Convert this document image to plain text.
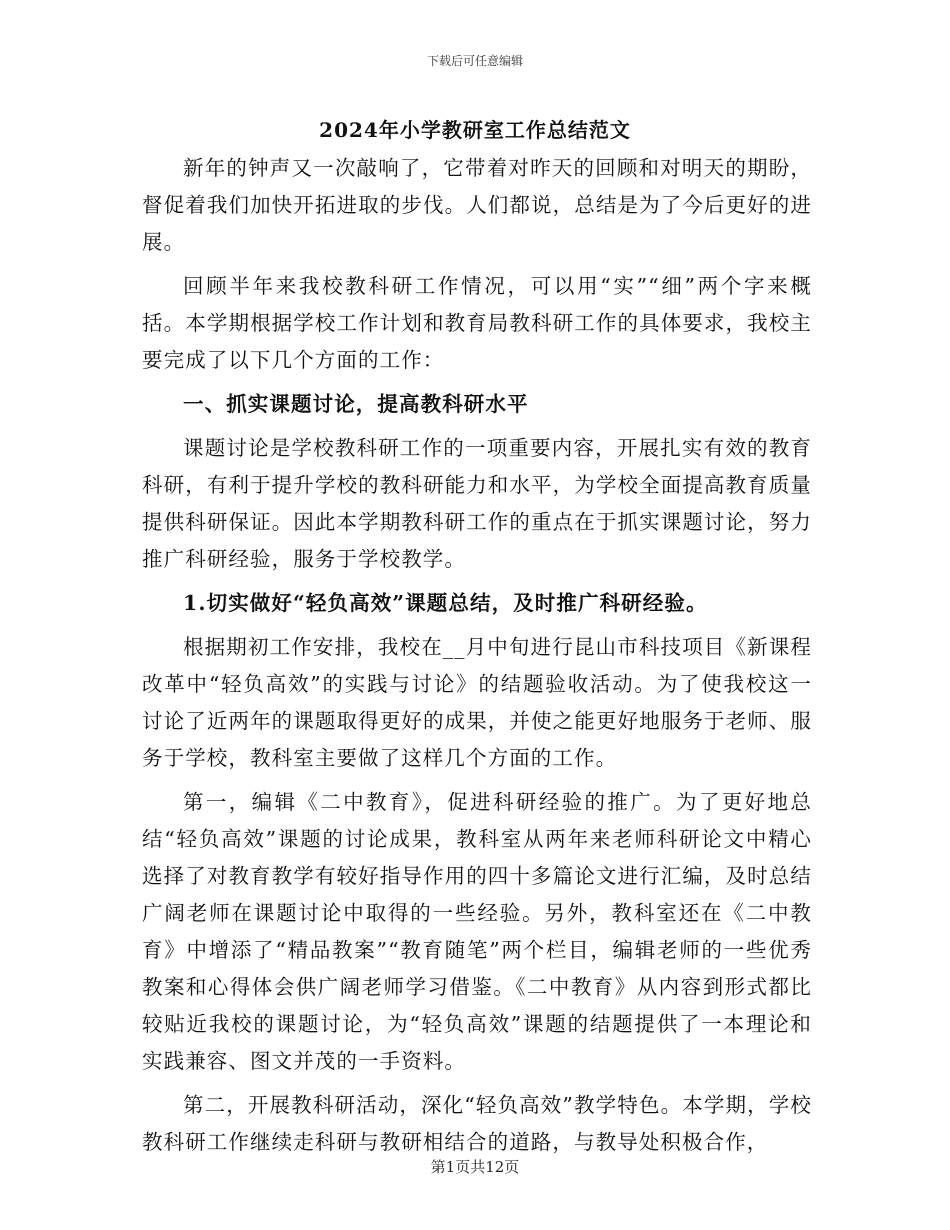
下载后可任意编辑
2024年小学教研室工作总结范文

新年的钟声又一次敲响了，它带着对昨天的回顾和对明天的期盼，督促着我们加快开拓进取的步伐。人们都说，总结是为了今后更好的进展。

回顾半年来我校教科研工作情况，可以用“实”“细”两个字来概括。本学期根据学校工作计划和教育局教科研工作的具体要求，我校主要完成了以下几个方面的工作：

一、抓实课题讨论，提高教科研水平

课题讨论是学校教科研工作的一项重要内容，开展扎实有效的教育科研，有利于提升学校的教科研能力和水平，为学校全面提高教育质量提供科研保证。因此本学期教科研工作的重点在于抓实课题讨论，努力推广科研经验，服务于学校教学。

1.切实做好“轻负高效”课题总结，及时推广科研经验。

根据期初工作安排，我校在__月中旬进行昆山市科技项目《新课程改革中“轻负高效”的实践与讨论》的结题验收活动。为了使我校这一讨论了近两年的课题取得更好的成果，并使之能更好地服务于老师、服务于学校，教科室主要做了这样几个方面的工作。

第一，编辑《二中教育》，促进科研经验的推广。为了更好地总结“轻负高效”课题的讨论成果，教科室从两年来老师科研论文中精心选择了对教育教学有较好指导作用的四十多篇论文进行汇编，及时总结广阔老师在课题讨论中取得的一些经验。另外，教科室还在《二中教育》中增添了“精品教案”“教育随笔”两个栏目，编辑老师的一些优秀教案和心得体会供广阔老师学习借鉴。《二中教育》从内容到形式都比较贴近我校的课题讨论，为“轻负高效”课题的结题提供了一本理论和实践兼容、图文并茂的一手资料。

第二，开展教科研活动，深化“轻负高效”教学特色。本学期，学校教科研工作继续走科研与教研相结合的道路，与教导处积极合作，

第1页共12页
